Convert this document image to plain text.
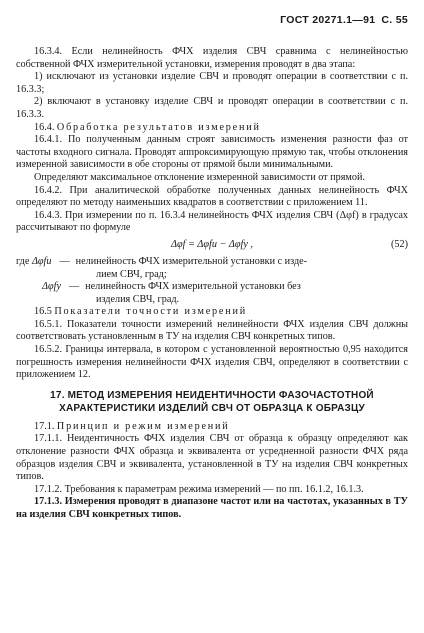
ГОСТ 20271.1—91 С. 55

16.3.4. Если нелинейность ФЧХ изделия СВЧ сравнима с нелинейностью собственной ФЧХ измерительной установки, измерения проводят в два этапа:

1) исключают из установки изделие СВЧ и проводят операции в соответствии с п. 16.3.3;

2) включают в установку изделие СВЧ и проводят операции в соответствии с п. 16.3.3.

16.4. Обработка результатов измерений

16.4.1. По полученным данным строят зависимость изменения разности фаз от частоты входного сигнала. Проводят аппроксимирующую прямую так, чтобы отклонения измеренной зависимости в обе стороны от прямой были минимальными.

Определяют максимальное отклонение измеренной зависимости от прямой.

16.4.2. При аналитической обработке полученных данных нелинейность ФЧХ определяют по методу наименьших квадратов в соответствии с приложением 11.

16.4.3. При измерении по п. 16.3.4 нелинейность ФЧХ изделия СВЧ (Δφf) в градусах рассчитывают по формуле

Δφf = Δφfи − Δφfу ,	(52)
где
Δφfи — нелинейность ФЧХ измерительной установки с изде-
лием СВЧ, град;
Δφfу — нелинейность ФЧХ измерительной установки без
изделия СВЧ, град.

16.5 Показатели точности измерений

16.5.1. Показатели точности измерений нелинейности ФЧХ изделия СВЧ должны соответствовать установленным в ТУ на изделия СВЧ конкретных типов.

16.5.2. Границы интервала, в котором с установленной вероятностью 0,95 находится погрешность измерения нелинейности ФЧХ изделия СВЧ, определяют в соответствии с приложением 12.

17. МЕТОД ИЗМЕРЕНИЯ НЕИДЕНТИЧНОСТИ ФАЗОЧАСТОТНОЙ ХАРАКТЕРИСТИКИ ИЗДЕЛИЙ СВЧ ОТ ОБРАЗЦА К ОБРАЗЦУ

17.1. Принцип и режим измерений

17.1.1. Неидентичность ФЧХ изделия СВЧ от образца к образцу определяют как отклонение разности ФЧХ образца и эквивалента от усредненной разности ФЧХ ряда образцов изделия СВЧ и эквивалента, установленной в ТУ на изделия СВЧ конкретных типов.

17.1.2. Требования к параметрам режима измерений — по пп. 16.1.2, 16.1.3.

17.1.3. Измерения проводят в диапазоне частот или на частотах, указанных в ТУ на изделия СВЧ конкретных типов.
